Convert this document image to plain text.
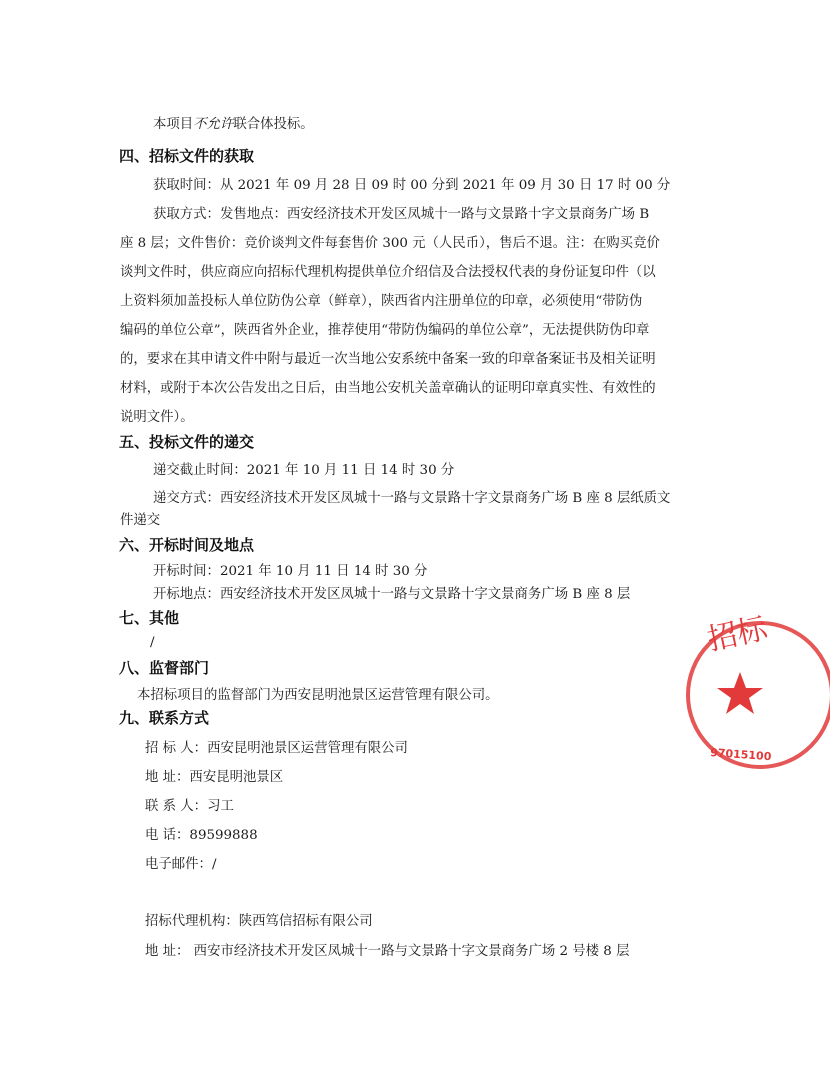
本项目不允许联合体投标。
四、招标文件的获取
获取时间：从 2021 年 09 月 28 日 09 时 00 分到 2021 年 09 月 30 日 17 时 00 分
获取方式：发售地点：西安经济技术开发区凤城十一路与文景路十字文景商务广场 B
座 8 层；文件售价：竞价谈判文件每套售价 300 元（人民币），售后不退。注：在购买竞价
谈判文件时，供应商应向招标代理机构提供单位介绍信及合法授权代表的身份证复印件（以
上资料须加盖投标人单位防伪公章（鲜章），陕西省内注册单位的印章，必须使用“带防伪
编码的单位公章”，陕西省外企业，推荐使用“带防伪编码的单位公章”，无法提供防伪印章
的，要求在其申请文件中附与最近一次当地公安系统中备案一致的印章备案证书及相关证明
材料，或附于本次公告发出之日后，由当地公安机关盖章确认的证明印章真实性、有效性的
说明文件）。
五、投标文件的递交
递交截止时间：2021 年 10 月 11 日 14 时 30 分
递交方式：西安经济技术开发区凤城十一路与文景路十字文景商务广场 B 座 8 层纸质文
件递交
六、开标时间及地点
开标时间：2021 年 10 月 11 日 14 时 30 分
开标地点：西安经济技术开发区凤城十一路与文景路十字文景商务广场 B 座 8 层
七、其他
/
八、监督部门
本招标项目的监督部门为西安昆明池景区运营管理有限公司。
九、联系方式
招 标 人：西安昆明池景区运营管理有限公司
地 址：西安昆明池景区
联 系 人：习工
电 话：89599888
电子邮件：/
招标代理机构：陕西笃信招标有限公司
地 址： 西安市经济技术开发区凤城十一路与文景路十字文景商务广场 2 号楼 8 层
招标
97015100
